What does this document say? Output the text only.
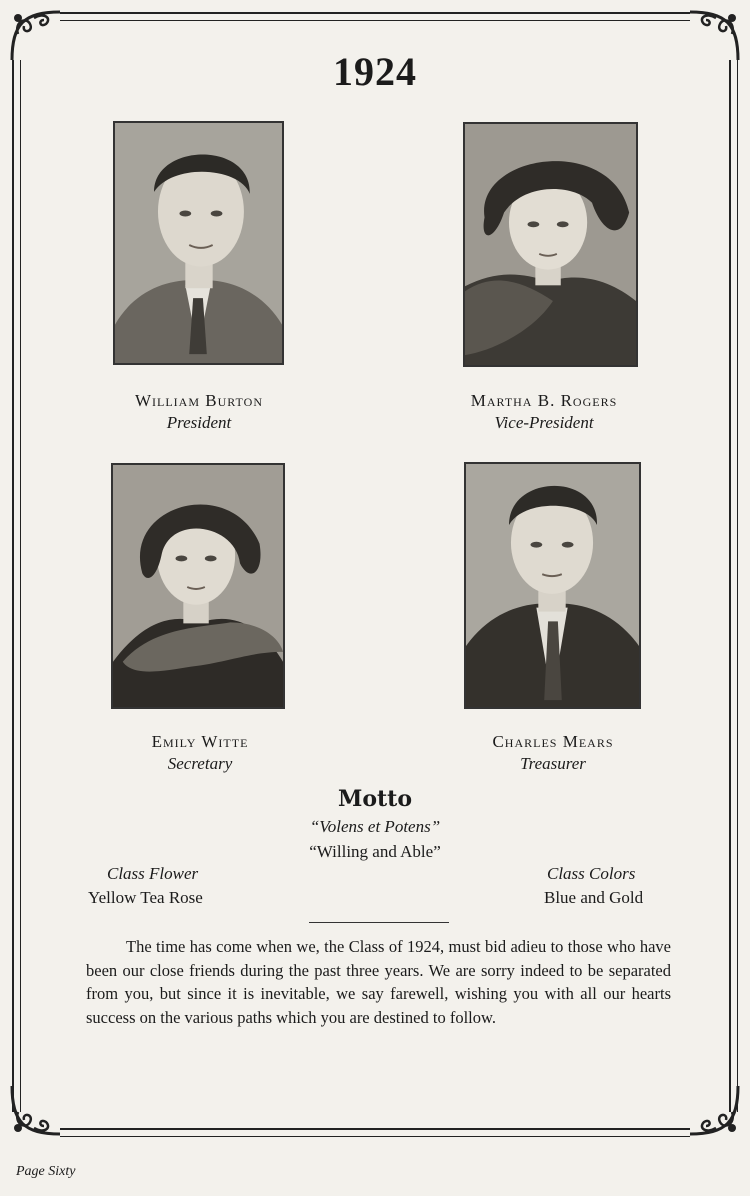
1924
William Burton
President
Martha B. Rogers
Vice-President
Emily Witte
Secretary
Charles Mears
Treasurer
Motto
“Volens et Potens”
“Willing and Able”
Class Flower
Yellow Tea Rose
Class Colors
Blue and Gold
The time has come when we, the Class of 1924, must bid adieu to those who have been our close friends during the past three years. We are sorry indeed to be separated from you, but since it is inevitable, we say farewell, wishing you with all our hearts success on the various paths which you are destined to follow.
Page Sixty
